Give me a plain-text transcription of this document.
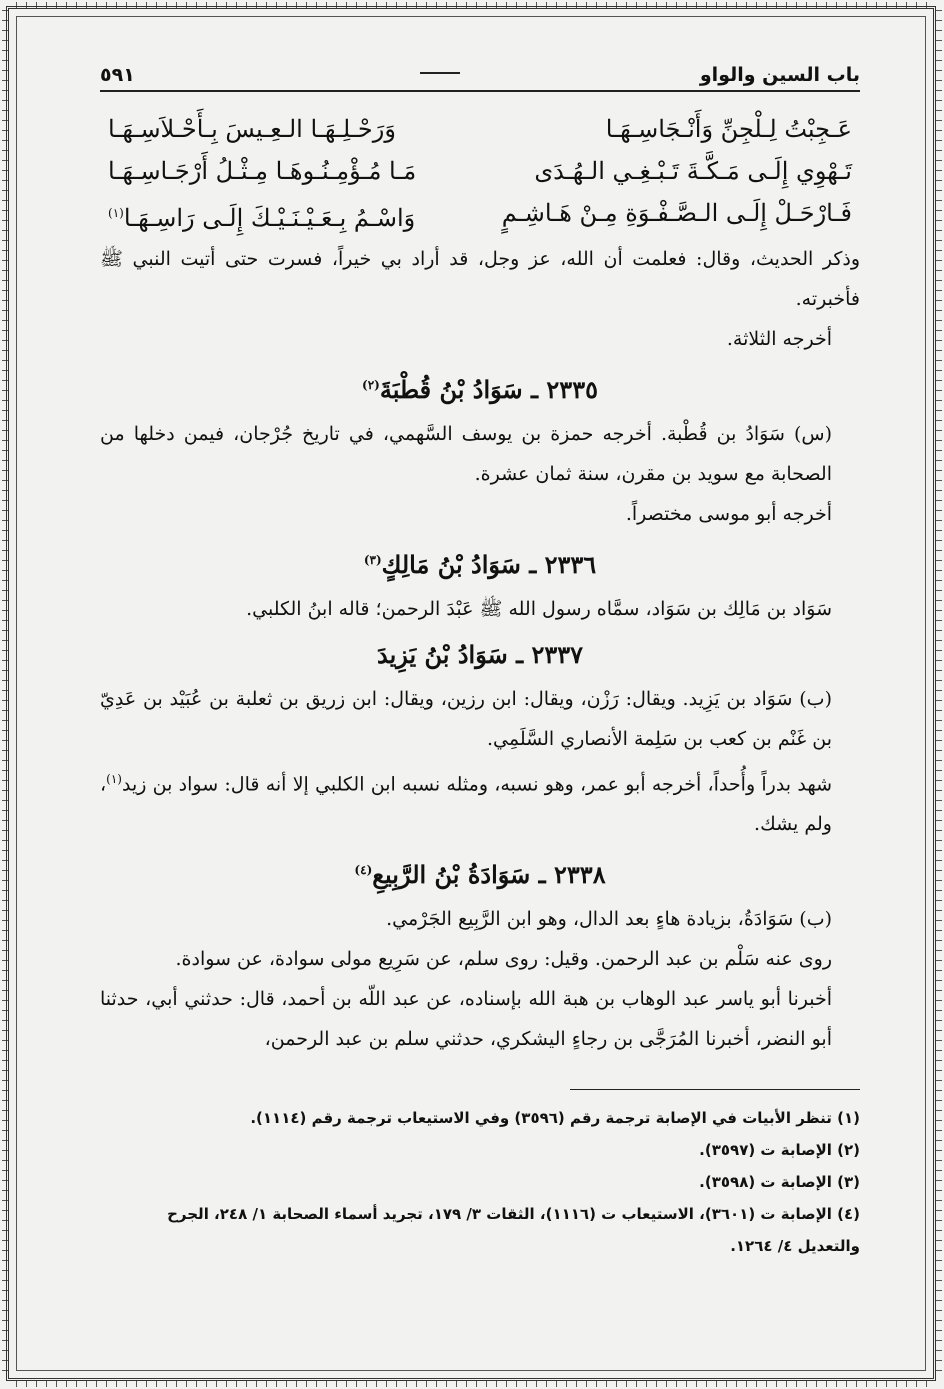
باب السين والواو
٥٩١
عَـجِبْتُ لِـلْجِنِّ وَأَنْـجَاسِـهَـا
وَرَحْـلِـهَـا الـعِـيسَ بِـأَحْـلاَسِـهَـا
تَـهْوِي إِلَـى مَـكَّـةَ تَـبْـغِـي الـهُـدَى
مَـا مُـؤْمِـنُـوهَـا مِـثْـلُ أَرْجَـاسِـهَـا
فَـارْحَـلْ إِلَـى الـصَّـفْـوَةِ مِـنْ هَـاشِـمٍ
وَاسْـمُ بِـعَـيْـنَـيْـكَ إِلَـى رَاسِـهَـا$^{(١)}$

وذكر الحديث، وقال: فعلمت أن الله، عز وجل، قد أراد بي خيراً، فسرت حتى أتيت النبي ﷺ فأخبرته.

أخرجه الثلاثة.

٢٣٣٥ ـ سَوَادُ بْنُ قُطْبَةَ$^{(٢)}$

(س) سَوَادُ بن قُطْبة. أخرجه حمزة بن يوسف السَّهمي، في تاريخ جُرْجان، فيمن دخلها من الصحابة مع سويد بن مقرن، سنة ثمان عشرة.

أخرجه أبو موسى مختصراً.

٢٣٣٦ ـ سَوَادُ بْنُ مَالِكٍ$^{(٣)}$

سَوَاد بن مَالِك بن سَوَاد، سمَّاه رسول الله ﷺ عَبْدَ الرحمن؛ قاله ابنُ الكلبي.

٢٣٣٧ ـ سَوَادُ بْنُ يَزِيدَ

(ب) سَوَاد بن يَزِيد. ويقال: رَزْن، ويقال: ابن رزين، ويقال: ابن زريق بن ثعلبة بن عُبَيْد بن عَدِيّ بن غَنْم بن كعب بن سَلِمة الأنصاري السَّلَمِي.

شهد بدراً وأُحداً، أخرجه أبو عمر، وهو نسبه، ومثله نسبه ابن الكلبي إلا أنه قال: سواد بن زيد$^{(١)}$، ولم يشك.

٢٣٣٨ ـ سَوَادَةُ بْنُ الرَّبِيعِ$^{(٤)}$

(ب) سَوَادَةُ، بزيادة هاءٍ بعد الدال، وهو ابن الرَّبِيع الجَرْمي.

روى عنه سَلْم بن عبد الرحمن. وقيل: روى سلم، عن سَرِيع مولى سوادة، عن سوادة.

أخبرنا أبو ياسر عبد الوهاب بن هبة الله بإسناده، عن عبد اللّه بن أحمد، قال: حدثني أبي، حدثنا أبو النضر، أخبرنا المُرَجَّى بن رجاءٍ اليشكري، حدثني سلم بن عبد الرحمن،

(١) تنظر الأبيات في الإصابة ترجمة رقم (٣٥٩٦) وفي الاستيعاب ترجمة رقم (١١١٤).

(٢) الإصابة ت (٣٥٩٧).

(٣) الإصابة ت (٣٥٩٨).

(٤) الإصابة ت (٣٦٠١)، الاستيعاب ت (١١١٦)، الثقات ٣/ ١٧٩، تجريد أسماء الصحابة ١/ ٢٤٨، الجرح والتعديل ٤/ ١٢٦٤.
